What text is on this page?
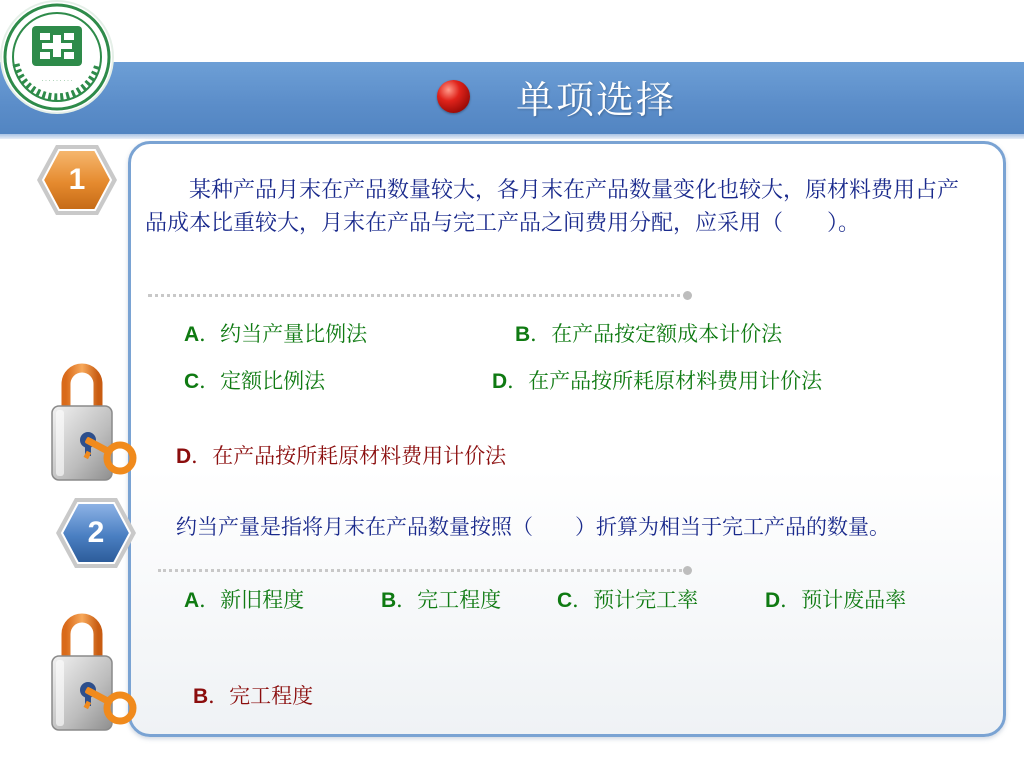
· · · · · · · · ·	单项选择
1	　　某种产品月末在产品数量较大，各月末在产品数量变化也较大，原材料费用占产品成本比重较大，月末在产品与完工产品之间费用分配，应采用（　　）。

A．约当产量比例法	B．在产品按定额成本计价法
C．定额比例法	D．在产品按所耗原材料费用计价法
D．在产品按所耗原材料费用计价法
2	约当产量是指将月末在产品数量按照（　　）折算为相当于完工产品的数量。

A．新旧程度	B．完工程度	C．预计完工率	D．预计废品率
B．完工程度
